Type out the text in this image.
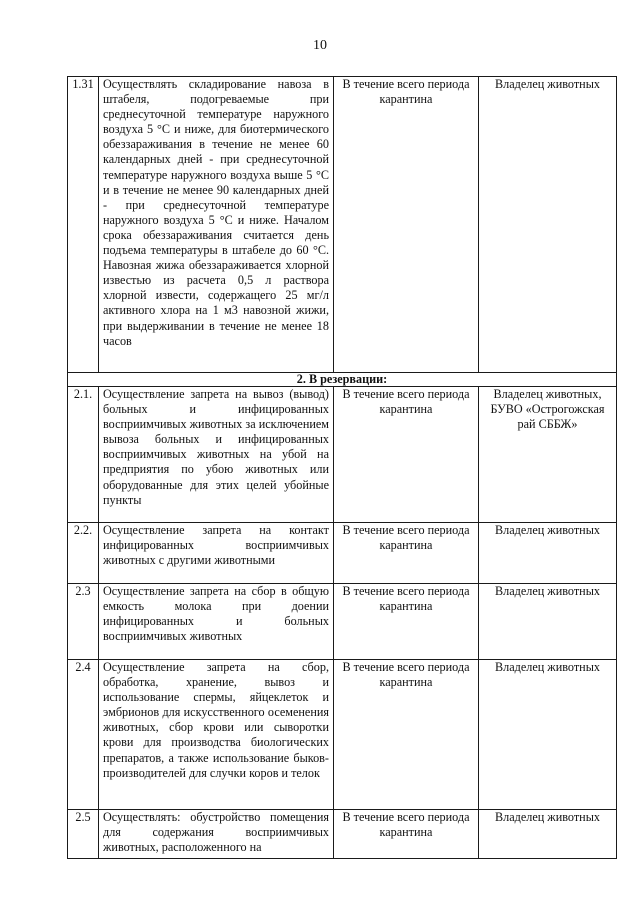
10
1.31	Осуществлять складирование навоза в штабеля, подогреваемые при среднесуточной температуре наружного воздуха 5 °С и ниже, для биотермического обеззараживания в течение не менее 60 календарных дней - при среднесуточной температуре наружного воздуха выше 5 °С и в течение не менее 90 календарных дней - при среднесуточной температуре наружного воздуха 5 °С и ниже. Началом срока обеззараживания считается день подъема температуры в штабеле до 60 °С. Навозная жижа обеззараживается хлорной известью из расчета 0,5 л раствора хлорной извести, содержащего 25 мг/л активного хлора на 1 м3 навозной жижи, при выдерживании в течение не менее 18 часов	В течение всего периода карантина	Владелец животных
2. В резервации:			
2.1.	Осуществление запрета на вывоз (вывод) больных и инфицированных восприимчивых животных за исключением вывоза больных и инфицированных восприимчивых животных на убой на предприятия по убою животных или оборудованные для этих целей убойные пункты	В течение всего периода карантина	Владелец животных, БУВО «Острогожская рай СББЖ»
2.2.	Осуществление запрета на контакт инфицированных восприимчивых животных с другими животными	В течение всего периода карантина	Владелец животных
2.3	Осуществление запрета на сбор в общую емкость молока при доении инфицированных и больных восприимчивых животных	В течение всего периода карантина	Владелец животных
2.4	Осуществление запрета на сбор, обработка, хранение, вывоз и использование спермы, яйцеклеток и эмбрионов для искусственного осеменения животных, сбор крови или сыворотки крови для производства биологических препаратов, а также использование быков-производителей для случки коров и телок	В течение всего периода карантина	Владелец животных
2.5	Осуществлять: обустройство помещения для содержания восприимчивых животных, расположенного на	В течение всего периода карантина	Владелец животных
